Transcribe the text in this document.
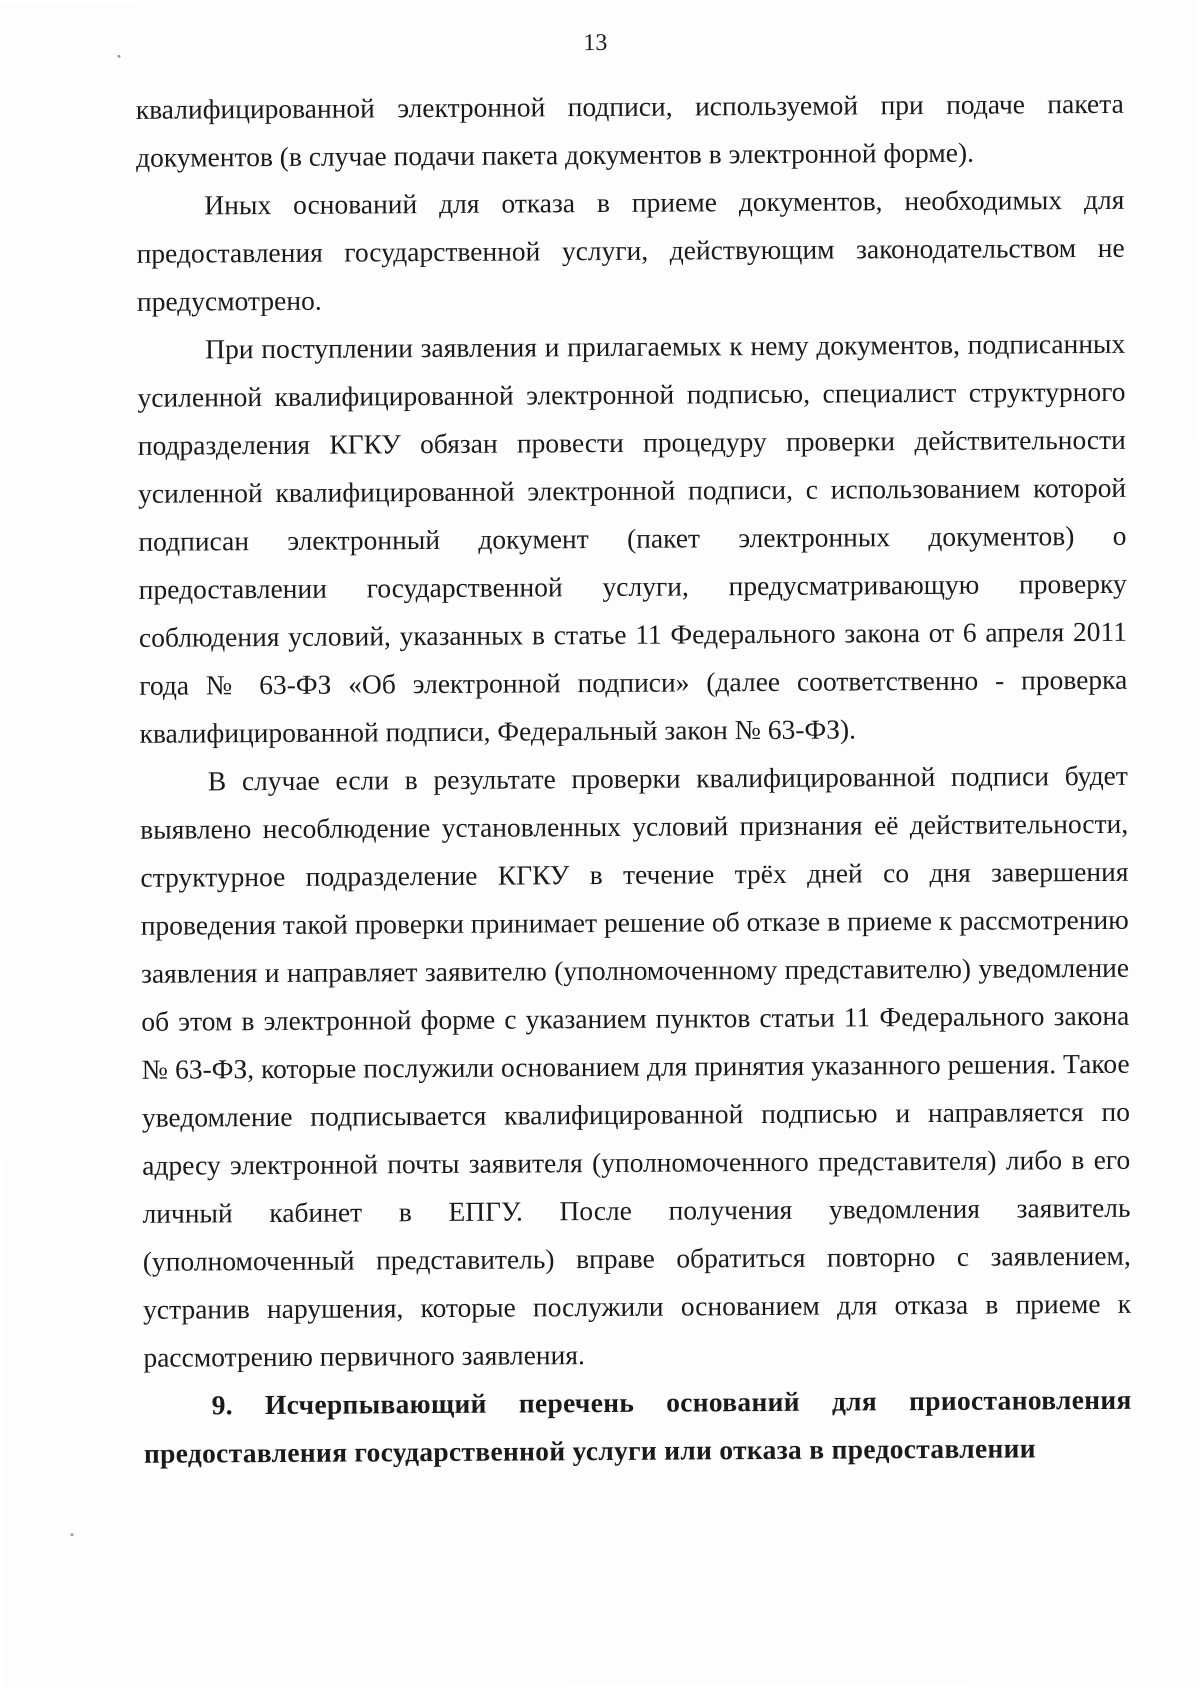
13

квалифицированной электронной подписи, используемой при подаче пакета документов (в случае подачи пакета документов в электронной форме).

Иных оснований для отказа в приеме документов, необходимых для предоставления государственной услуги, действующим законодательством не предусмотрено.

При поступлении заявления и прилагаемых к нему документов, подписанных усиленной квалифицированной электронной подписью, специалист структурного подразделения КГКУ обязан провести процедуру проверки действительности усиленной квалифицированной электронной подписи, с использованием которой подписан электронный документ (пакет электронных документов) о предоставлении государственной услуги, предусматривающую проверку соблюдения условий, указанных в статье 11 Федерального закона от 6 апреля 2011 года № 63-ФЗ «Об электронной подписи» (далее соответственно - проверка квалифицированной подписи, Федеральный закон № 63-ФЗ).

В случае если в результате проверки квалифицированной подписи будет выявлено несоблюдение установленных условий признания её действительности, структурное подразделение КГКУ в течение трёх дней со дня завершения проведения такой проверки принимает решение об отказе в приеме к рассмотрению заявления и направляет заявителю (уполномоченному представителю) уведомление об этом в электронной форме с указанием пунктов статьи 11 Федерального закона № 63-ФЗ, которые послужили основанием для принятия указанного решения. Такое уведомление подписывается квалифицированной подписью и направляется по адресу электронной почты заявителя (уполномоченного представителя) либо в его личный кабинет в ЕПГУ. После получения уведомления заявитель (уполномоченный представитель) вправе обратиться повторно с заявлением, устранив нарушения, которые послужили основанием для отказа в приеме к рассмотрению первичного заявления.

9. Исчерпывающий перечень оснований для приостановления предоставления государственной услуги или отказа в предоставлении
